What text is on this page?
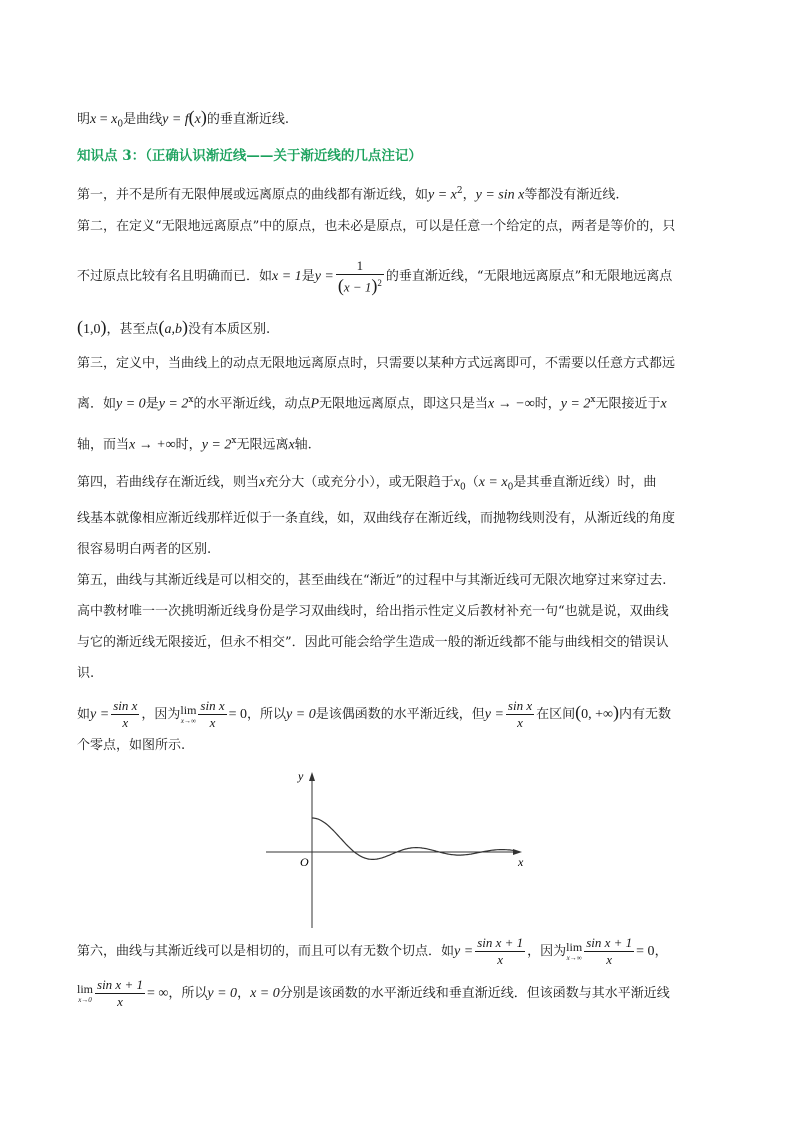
明$x = x_0$是曲线y = f(x)的垂直渐近线.
知识点 3：（正确认识渐近线——关于渐近线的几点注记）
第一，并不是所有无限伸展或远离原点的曲线都有渐近线，如$y = x^2$，y = sin x等都没有渐近线.
第二，在定义“无限地远离原点”中的原点，也未必是原点，可以是任意一个给定的点，两者是等价的，只
不过原点比较有名且明确而已．如x = 1是$y = \frac{1}{(x - 1)^2}$ 的垂直渐近线，“无限地远离原点”和无限地远离点
(1,0)，甚至点(a,b)没有本质区别.
第三，定义中，当曲线上的动点无限地远离原点时，只需要以某种方式远离即可，不需要以任意方式都远
离．如y = 0是$y = 2^x$的水平渐近线，动点P无限地远离原点，即这只是当x → −∞时，$y = 2^x$无限接近于x
轴，而当x → +∞时，$y = 2^x$无限远离x轴.
第四，若曲线存在渐近线，则当x充分大（或充分小），或无限趋于$x_0(x = x_0$是其垂直渐近线）时，曲
线基本就像相应渐近线那样近似于一条直线，如，双曲线存在渐近线，而抛物线则没有，从渐近线的角度
很容易明白两者的区别.
第五，曲线与其渐近线是可以相交的，甚至曲线在“渐近”的过程中与其渐近线可无限次地穿过来穿过去.
高中教材唯一一次挑明渐近线身份是学习双曲线时，给出指示性定义后教材补充一句“也就是说，双曲线
与它的渐近线无限接近，但永不相交”．因此可能会给学生造成一般的渐近线都不能与曲线相交的错误认
识.
如$y = \frac{\text{sin x}}{x}$ ，因为 lim
$x\to\infty \frac{\text{sin x}}{x} = 0$，所以y = 0是该偶函数的水平渐近线，但$y = \frac{\text{sin x}}{x}$ 在区间(0, +∞)内有无数
个零点，如图所示.
y
x
O
第六，曲线与其渐近线可以是相切的，而且可以有无数个切点．如$y = \frac{\text{sin x + 1}}{x}$ ，因为 lim
$x\to\infty \frac{\text{sin x + 1}}{x} = 0$，
lim
$x\to 0 \frac{\text{sin x + 1}}{x}$ = ∞，所以y = 0，x = 0分别是该函数的水平渐近线和垂直渐近线．但该函数与其水平渐近线
